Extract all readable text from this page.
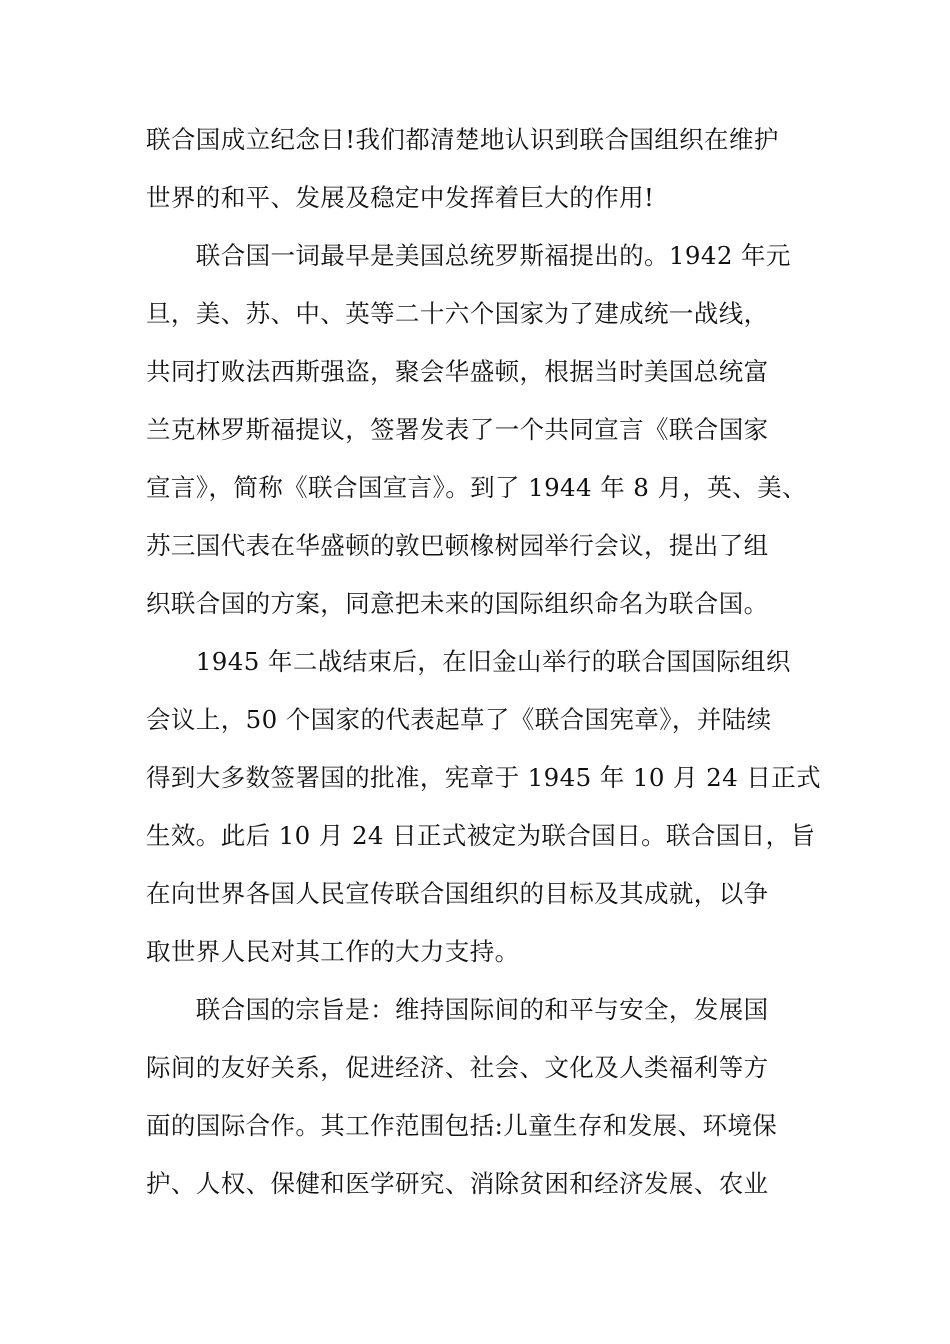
联合国成立纪念日!我们都清楚地认识到联合国组织在维护
世界的和平、发展及稳定中发挥着巨大的作用!
　　联合国一词最早是美国总统罗斯福提出的。1942 年元
旦，美、苏、中、英等二十六个国家为了建成统一战线，
共同打败法西斯强盗，聚会华盛顿，根据当时美国总统富
兰克林罗斯福提议，签署发表了一个共同宣言《联合国家
宣言》，简称《联合国宣言》。到了 1944 年 8 月，英、美、
苏三国代表在华盛顿的敦巴顿橡树园举行会议，提出了组
织联合国的方案，同意把未来的国际组织命名为联合国。
　　1945 年二战结束后，在旧金山举行的联合国国际组织
会议上，50 个国家的代表起草了《联合国宪章》，并陆续
得到大多数签署国的批准，宪章于 1945 年 10 月 24 日正式
生效。此后 10 月 24 日正式被定为联合国日。联合国日，旨
在向世界各国人民宣传联合国组织的目标及其成就，以争
取世界人民对其工作的大力支持。
　　联合国的宗旨是：维持国际间的和平与安全，发展国
际间的友好关系，促进经济、社会、文化及人类福利等方
面的国际合作。其工作范围包括:儿童生存和发展、环境保
护、人权、保健和医学研究、消除贫困和经济发展、农业
